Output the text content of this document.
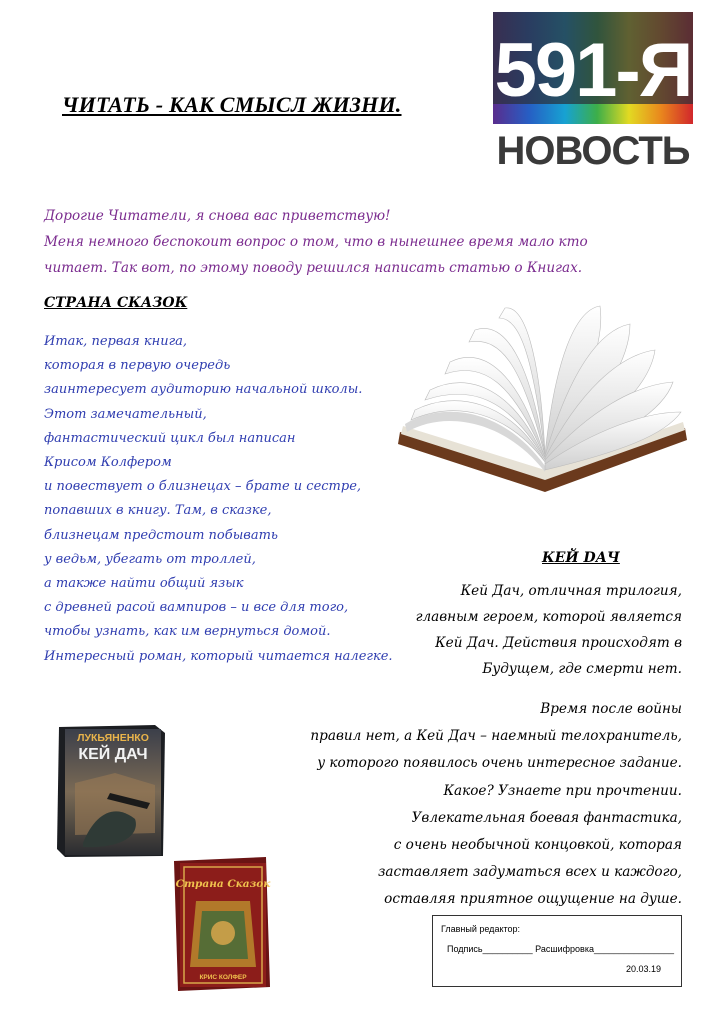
ЧИТАТЬ - КАК СМЫСЛ ЖИЗНИ. 591-Я
НОВОСТЬ
Дорогие Читатели, я снова вас приветствую!
Меня немного беспокоит вопрос о том, что в нынешнее время мало кто
читает. Так вот, по этому поводу решился написать статью о Книгах.
СТРАНА СКАЗОК
Итак, первая книга,
которая в первую очередь
заинтересует аудиторию начальной школы.
Этот замечательный,
фантастический цикл был написан
Крисом Колфером
и повествует о близнецах – брате и сестре,
попавших в книгу. Там, в сказке,
близнецам предстоит побывать
у ведьм, убегать от троллей,
а также найти общий язык
с древней расой вампиров – и все для того,
чтобы узнать, как им вернуться домой.
Интересный роман, который читается налегке.
КЕЙ DАЧ
Кей Дач, отличная трилогия,
главным героем, которой является
Кей Дач. Действия происходят в
Будущем, где смерти нет.
Время после войны
правил нет, а Кей Дач – наемный телохранитель,
у которого появилось очень интересное задание.
Какое? Узнаете при прочтении.
Увлекательная боевая фантастика,
с очень необычной концовкой, которая
заставляет задуматься всех и каждого,
оставляя приятное ощущение на душе.
ЛУКЬЯНЕНКО
КЕЙ ДАЧ
Страна Сказок
КРИС КОЛФЕР
Главный редактор:
Подпись__________ Расшифровка________________
20.03.19
